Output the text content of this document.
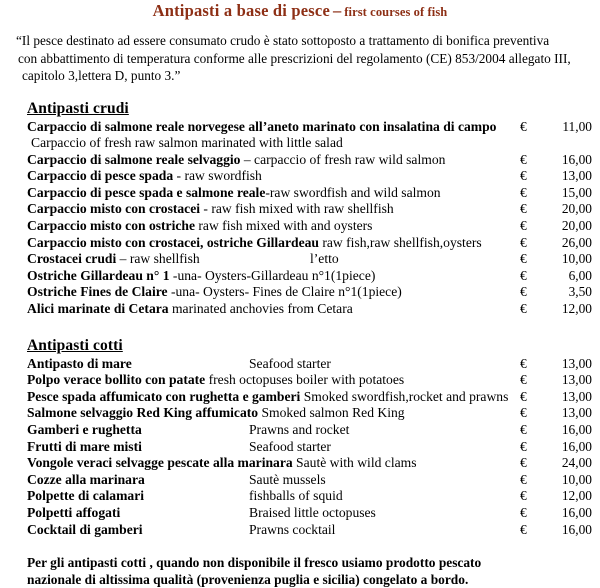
Antipasti a base di pesce – first courses of fish
“Il pesce destinato ad essere consumato crudo è stato sottoposto a trattamento di bonifica preventiva
con abbattimento di temperatura conforme alle prescrizioni del regolamento (CE) 853/2004 allegato III,
capitolo 3,lettera D, punto 3.”
Antipasti crudi
Carpaccio di salmone reale norvegese all’aneto marinato con insalatina di campo €	11,00
Carpaccio of fresh raw salmon marinated with little salad
Carpaccio di salmone reale selvaggio – carpaccio of fresh raw wild salmon	€	16,00
Carpaccio di pesce spada - raw swordfish	€	13,00
Carpaccio di pesce spada e salmone reale-raw swordfish and wild salmon	€	15,00
Carpaccio misto con crostacei - raw fish mixed with raw shellfish	€	20,00
Carpaccio misto con ostriche raw fish mixed with and oysters	€	20,00
Carpaccio misto con crostacei, ostriche Gillardeau raw fish,raw shellfish,oysters	€	26,00
Crostacei crudi – raw shellfish	l’etto	€	10,00
Ostriche Gillardeau n° 1 -una- Oysters-Gillardeau n°1(1piece)	€	6,00
Ostriche Fines de Claire -una- Oysters- Fines de Claire n°1(1piece)	€	3,50
Alici marinate di Cetara marinated anchovies from Cetara	€	12,00
Antipasti cotti
Antipasto di mare	Seafood starter	€	13,00
Polpo verace bollito con patate fresh octopuses boiler with potatoes	€	13,00
Pesce spada affumicato con rughetta e gamberi Smoked swordfish,rocket and prawns €	13,00
Salmone selvaggio Red King affumicato Smoked salmon Red King	€	13,00
Gamberi e rughetta	Prawns and rocket	€	16,00
Frutti di mare misti	Seafood starter	€	16,00
Vongole veraci selvagge pescate alla marinara Sautè with wild clams	€	24,00
Cozze alla marinara	Sautè mussels	€	10,00
Polpette di calamari	fishballs of squid	€	12,00
Polpetti affogati	Braised little octopuses	€	16,00
Cocktail di gamberi	Prawns cocktail	€	16,00
Per gli antipasti cotti , quando non disponibile il fresco usiamo prodotto pescato
nazionale di altissima qualità (provenienza puglia e sicilia) congelato a bordo.
